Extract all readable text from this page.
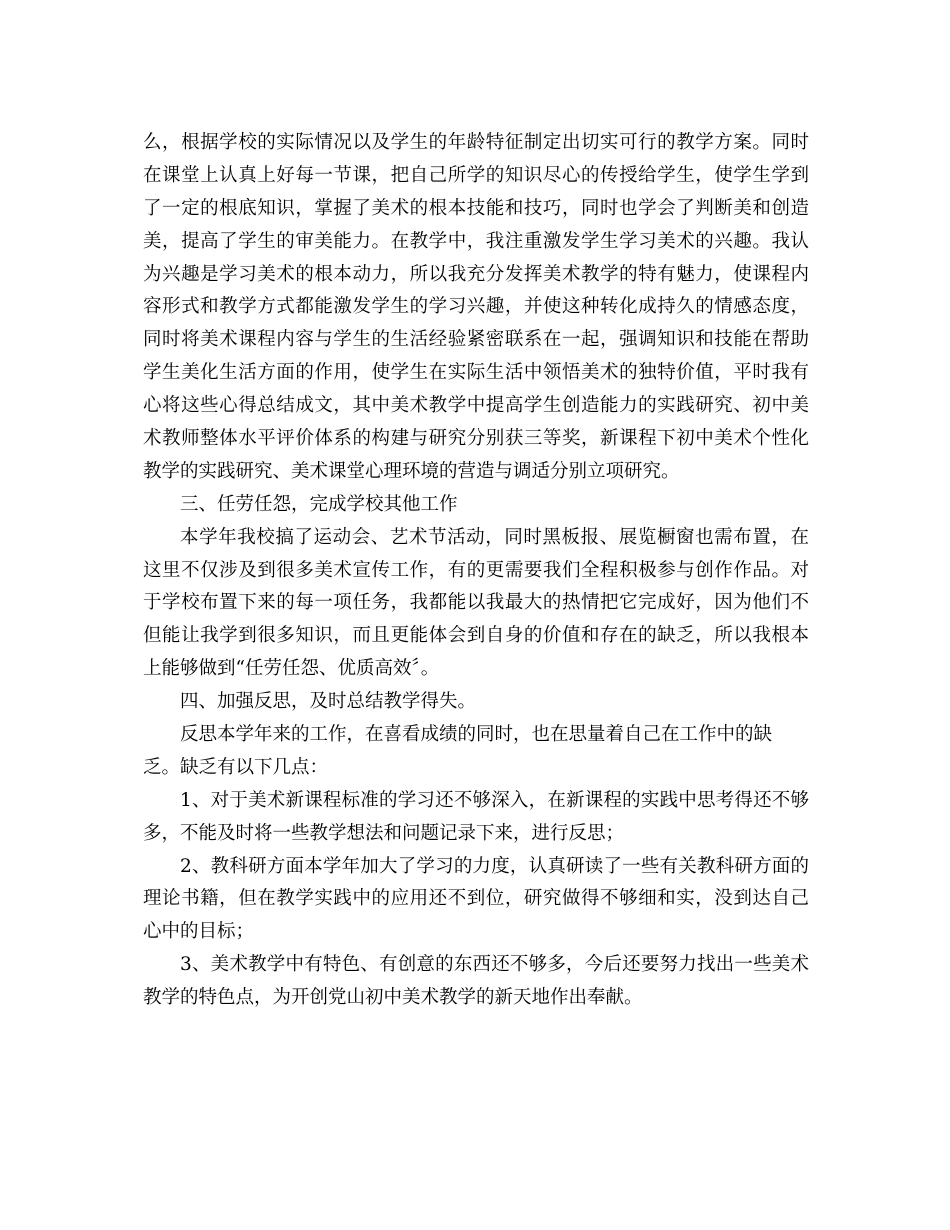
么，根据学校的实际情况以及学生的年龄特征制定出切实可行的教学方案。同时
在课堂上认真上好每一节课，把自己所学的知识尽心的传授给学生，使学生学到
了一定的根底知识，掌握了美术的根本技能和技巧，同时也学会了判断美和创造
美，提高了学生的审美能力。在教学中，我注重激发学生学习美术的兴趣。我认
为兴趣是学习美术的根本动力，所以我充分发挥美术教学的特有魅力，使课程内
容形式和教学方式都能激发学生的学习兴趣，并使这种转化成持久的情感态度，
同时将美术课程内容与学生的生活经验紧密联系在一起，强调知识和技能在帮助
学生美化生活方面的作用，使学生在实际生活中领悟美术的独特价值，平时我有
心将这些心得总结成文，其中美术教学中提高学生创造能力的实践研究、初中美
术教师整体水平评价体系的构建与研究分别获三等奖，新课程下初中美术个性化
教学的实践研究、美术课堂心理环境的营造与调适分别立项研究。
三、任劳任怨，完成学校其他工作
本学年我校搞了运动会、艺术节活动，同时黑板报、展览橱窗也需布置，在
这里不仅涉及到很多美术宣传工作，有的更需要我们全程积极参与创作作品。对
于学校布置下来的每一项任务，我都能以我最大的热情把它完成好，因为他们不
但能让我学到很多知识，而且更能体会到自身的价值和存在的缺乏，所以我根本
上能够做到“任劳任怨、优质高效〞。
四、加强反思，及时总结教学得失。
反思本学年来的工作，在喜看成绩的同时，也在思量着自己在工作中的缺
乏。缺乏有以下几点：
1、对于美术新课程标准的学习还不够深入，在新课程的实践中思考得还不够
多，不能及时将一些教学想法和问题记录下来，进行反思；
2、教科研方面本学年加大了学习的力度，认真研读了一些有关教科研方面的
理论书籍，但在教学实践中的应用还不到位，研究做得不够细和实，没到达自己
心中的目标；
3、美术教学中有特色、有创意的东西还不够多，今后还要努力找出一些美术
教学的特色点，为开创党山初中美术教学的新天地作出奉献。
